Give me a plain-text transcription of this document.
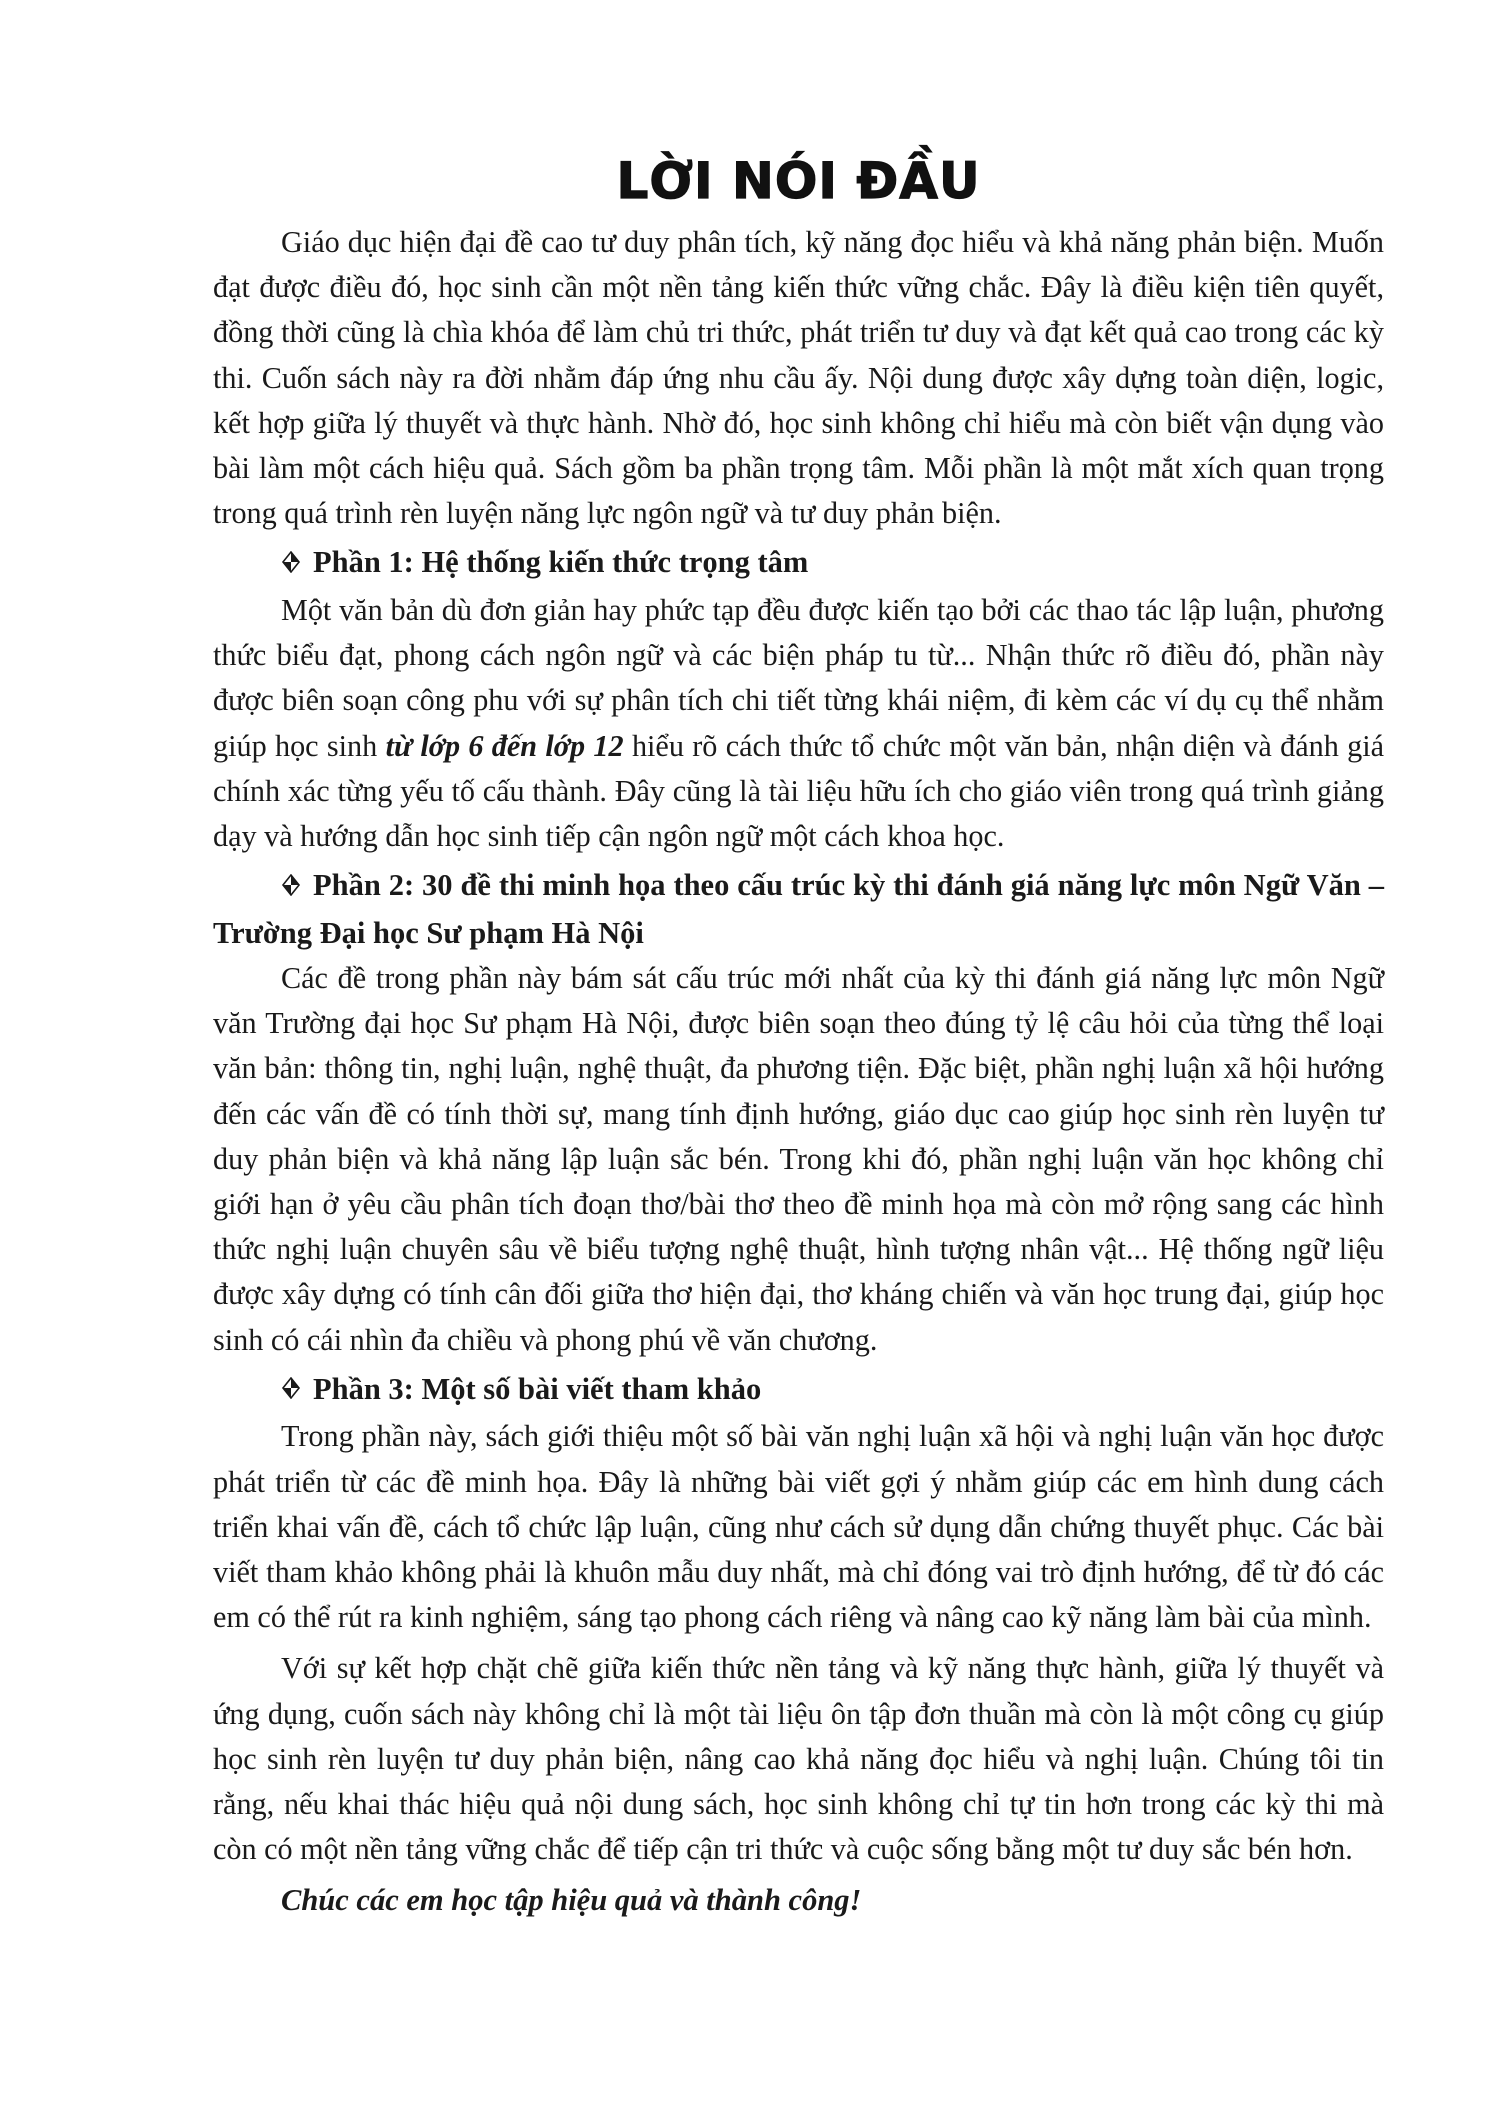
LỜI NÓI ĐẦU

Giáo dục hiện đại đề cao tư duy phân tích, kỹ năng đọc hiểu và khả năng phản biện. Muốn đạt được điều đó, học sinh cần một nền tảng kiến thức vững chắc. Đây là điều kiện tiên quyết, đồng thời cũng là chìa khóa để làm chủ tri thức, phát triển tư duy và đạt kết quả cao trong các kỳ thi. Cuốn sách này ra đời nhằm đáp ứng nhu cầu ấy. Nội dung được xây dựng toàn diện, logic, kết hợp giữa lý thuyết và thực hành. Nhờ đó, học sinh không chỉ hiểu mà còn biết vận dụng vào bài làm một cách hiệu quả. Sách gồm ba phần trọng tâm. Mỗi phần là một mắt xích quan trọng trong quá trình rèn luyện năng lực ngôn ngữ và tư duy phản biện.

Phần 1: Hệ thống kiến thức trọng tâm

Một văn bản dù đơn giản hay phức tạp đều được kiến tạo bởi các thao tác lập luận, phương thức biểu đạt, phong cách ngôn ngữ và các biện pháp tu từ... Nhận thức rõ điều đó, phần này được biên soạn công phu với sự phân tích chi tiết từng khái niệm, đi kèm các ví dụ cụ thể nhằm giúp học sinh từ lớp 6 đến lớp 12 hiểu rõ cách thức tổ chức một văn bản, nhận diện và đánh giá chính xác từng yếu tố cấu thành. Đây cũng là tài liệu hữu ích cho giáo viên trong quá trình giảng dạy và hướng dẫn học sinh tiếp cận ngôn ngữ một cách khoa học.

Phần 2: 30 đề thi minh họa theo cấu trúc kỳ thi đánh giá năng lực môn Ngữ Văn – Trường Đại học Sư phạm Hà Nội

Các đề trong phần này bám sát cấu trúc mới nhất của kỳ thi đánh giá năng lực môn Ngữ văn Trường đại học Sư phạm Hà Nội, được biên soạn theo đúng tỷ lệ câu hỏi của từng thể loại văn bản: thông tin, nghị luận, nghệ thuật, đa phương tiện. Đặc biệt, phần nghị luận xã hội hướng đến các vấn đề có tính thời sự, mang tính định hướng, giáo dục cao giúp học sinh rèn luyện tư duy phản biện và khả năng lập luận sắc bén. Trong khi đó, phần nghị luận văn học không chỉ giới hạn ở yêu cầu phân tích đoạn thơ/bài thơ theo đề minh họa mà còn mở rộng sang các hình thức nghị luận chuyên sâu về biểu tượng nghệ thuật, hình tượng nhân vật... Hệ thống ngữ liệu được xây dựng có tính cân đối giữa thơ hiện đại, thơ kháng chiến và văn học trung đại, giúp học sinh có cái nhìn đa chiều và phong phú về văn chương.

Phần 3: Một số bài viết tham khảo

Trong phần này, sách giới thiệu một số bài văn nghị luận xã hội và nghị luận văn học được phát triển từ các đề minh họa. Đây là những bài viết gợi ý nhằm giúp các em hình dung cách triển khai vấn đề, cách tổ chức lập luận, cũng như cách sử dụng dẫn chứng thuyết phục. Các bài viết tham khảo không phải là khuôn mẫu duy nhất, mà chỉ đóng vai trò định hướng, để từ đó các em có thể rút ra kinh nghiệm, sáng tạo phong cách riêng và nâng cao kỹ năng làm bài của mình.

Với sự kết hợp chặt chẽ giữa kiến thức nền tảng và kỹ năng thực hành, giữa lý thuyết và ứng dụng, cuốn sách này không chỉ là một tài liệu ôn tập đơn thuần mà còn là một công cụ giúp học sinh rèn luyện tư duy phản biện, nâng cao khả năng đọc hiểu và nghị luận. Chúng tôi tin rằng, nếu khai thác hiệu quả nội dung sách, học sinh không chỉ tự tin hơn trong các kỳ thi mà còn có một nền tảng vững chắc để tiếp cận tri thức và cuộc sống bằng một tư duy sắc bén hơn.

Chúc các em học tập hiệu quả và thành công!
